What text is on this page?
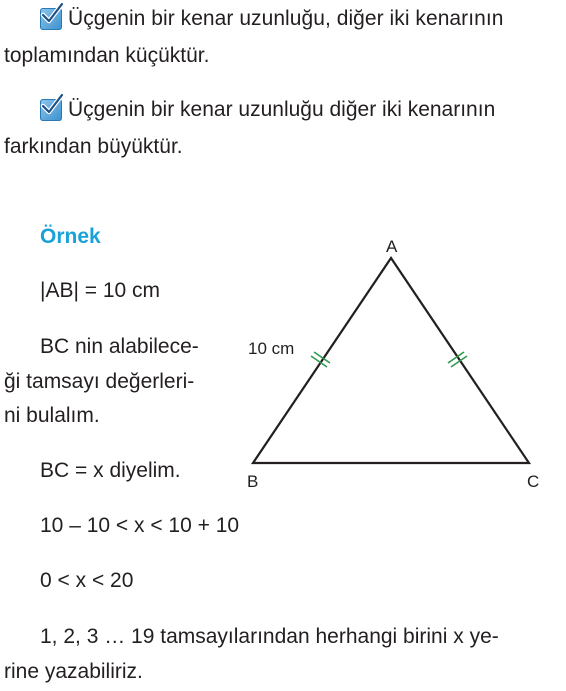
Üçgenin bir kenar uzunluğu, diğer iki kenarının
toplamından küçüktür.
Üçgenin bir kenar uzunluğu diğer iki kenarının
farkından büyüktür.
Örnek
|AB| = 10 cm
BC nin alabilece-
ği tamsayı değerleri-
ni bulalım.
BC = x diyelim.
10 – 10 < x < 10 + 10
0 < x < 20
1, 2, 3 … 19 tamsayılarından herhangi birini x ye-
rine yazabiliriz.
A
B	C
10 cm
